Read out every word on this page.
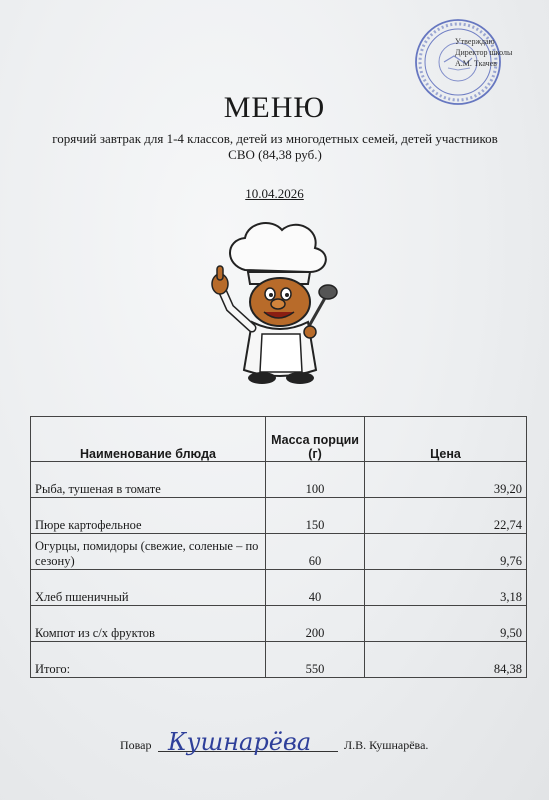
Утверждаю
Директор школы
А.М. Ткачев
МЕНЮ
горячий завтрак для 1-4 классов, детей из многодетных семей, детей участников СВО (84,38 руб.)
10.04.2026
Наименование блюда	Масса порции (г)	Цена
Рыба, тушеная в томате	100	39,20
Пюре картофельное	150	22,74
Огурцы, помидоры (свежие, соленые – по сезону)	60	9,76
Хлеб пшеничный	40	3,18
Компот из с/х фруктов	200	9,50
Итого:	550	84,38
Повар	Л.В. Кушнарёва.
Кушнарёва
